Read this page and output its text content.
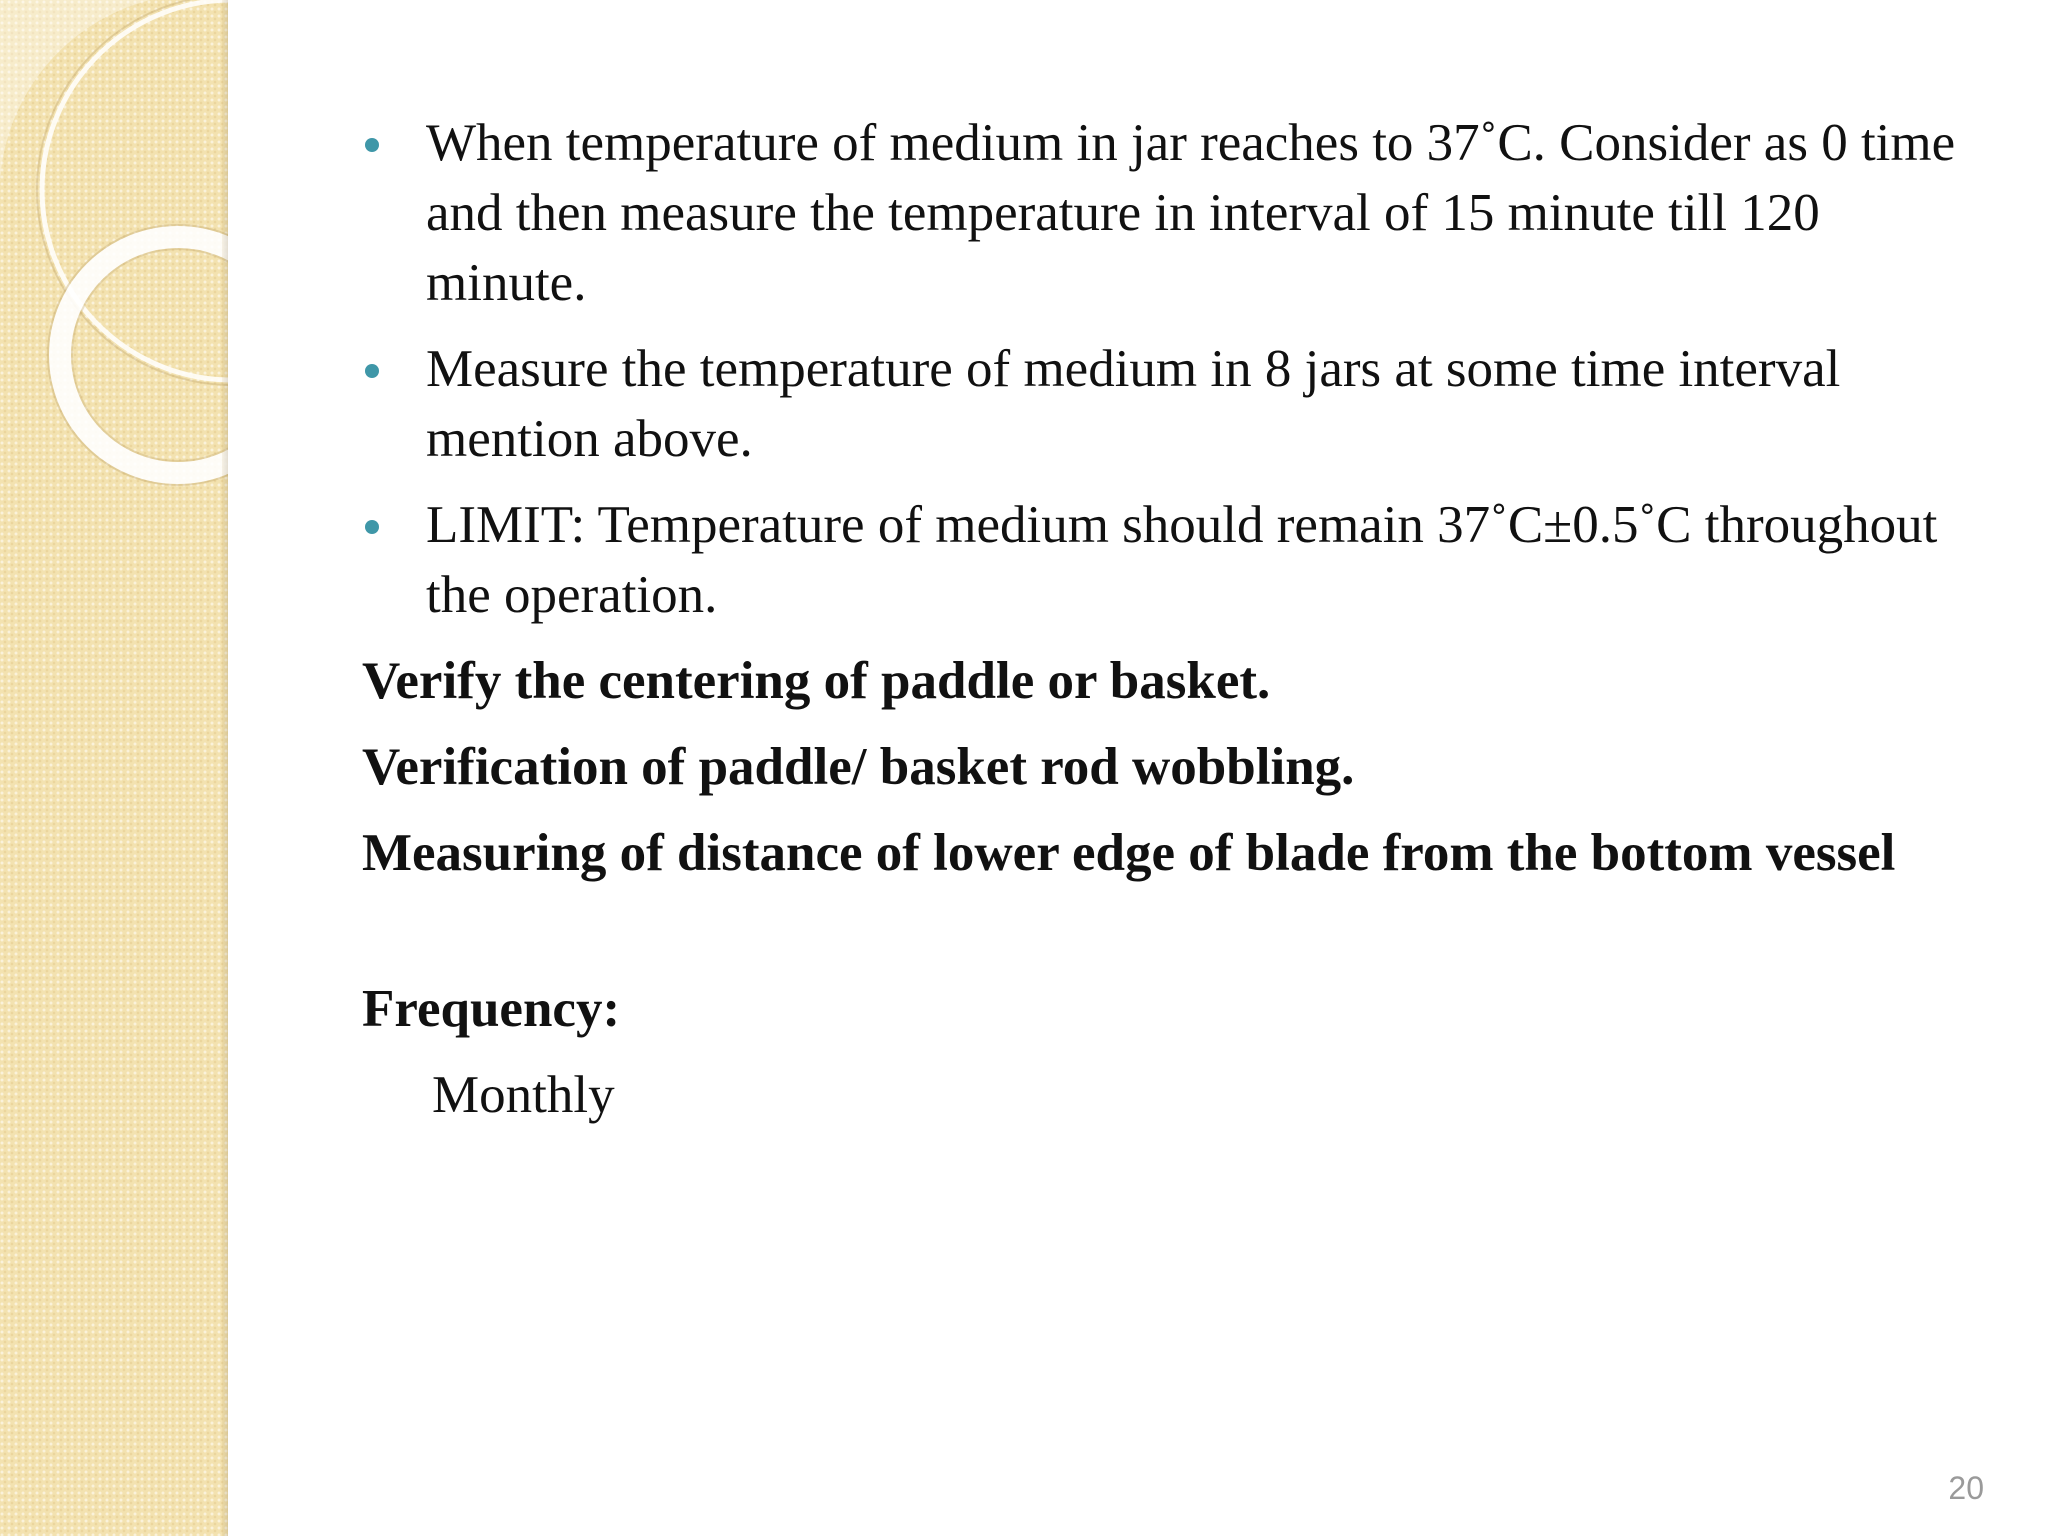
When temperature of medium in jar reaches to 37˚C. Consider as 0 time and then measure the temperature in interval of 15 minute till 120 minute.
Measure the temperature of medium in 8 jars at some time interval mention above.
LIMIT: Temperature of medium should remain 37˚C±0.5˚C throughout the operation.
Verify the centering of paddle or basket.
Verification of paddle/ basket rod wobbling.
Measuring of distance of lower edge of blade from the bottom vessel
Frequency:
Monthly
20
